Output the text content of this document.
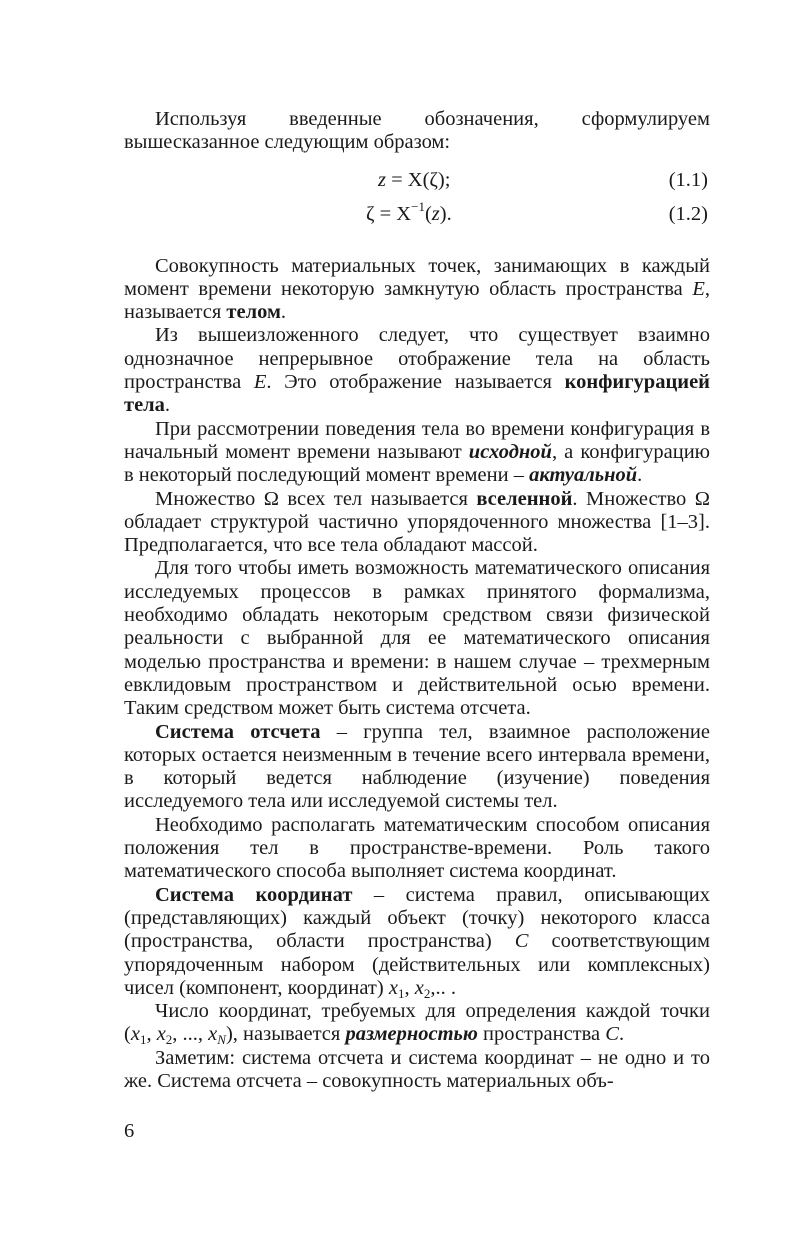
Используя введенные обозначения, сформулируем вышесказанное следующим образом:

z = X(ζ);	(1.1)
$\zeta = X^{-1}(z)$.	(1.2)

Совокупность материальных точек, занимающих в каждый момент времени некоторую замкнутую область пространства E, называется телом.

Из вышеизложенного следует, что существует взаимно однозначное непрерывное отображение тела на область пространства E. Это отображение называется конфигурацией тела.

При рассмотрении поведения тела во времени конфигурация в начальный момент времени называют исходной, а конфигурацию в некоторый последующий момент времени – актуальной.

Множество Ω всех тел называется вселенной. Множество Ω обладает структурой частично упорядоченного множества [1–3]. Предполагается, что все тела обладают массой.

Для того чтобы иметь возможность математического описания исследуемых процессов в рамках принятого формализма, необходимо обладать некоторым средством связи физической реальности с выбранной для ее математического описания моделью пространства и времени: в нашем случае – трехмерным евклидовым пространством и действительной осью времени. Таким средством может быть система отсчета.

Система отсчета – группа тел, взаимное расположение которых остается неизменным в течение всего интервала времени, в который ведется наблюдение (изучение) поведения исследуемого тела или исследуемой системы тел.

Необходимо располагать математическим способом описания положения тел в пространстве-времени. Роль такого математического способа выполняет система координат.

Система координат – система правил, описывающих (представляющих) каждый объект (точку) некоторого класса (пространства, области пространства) C соответствующим упорядоченным набором (действительных или комплексных) чисел (компонент, координат) $x_1$, $x_2$,.. .

Число координат, требуемых для определения каждой точки ($x_1$, $x_2$, ..., $x_N$), называется размерностью пространства C.

Заметим: система отсчета и система координат – не одно и то же. Система отсчета – совокупность материальных объ-

6
